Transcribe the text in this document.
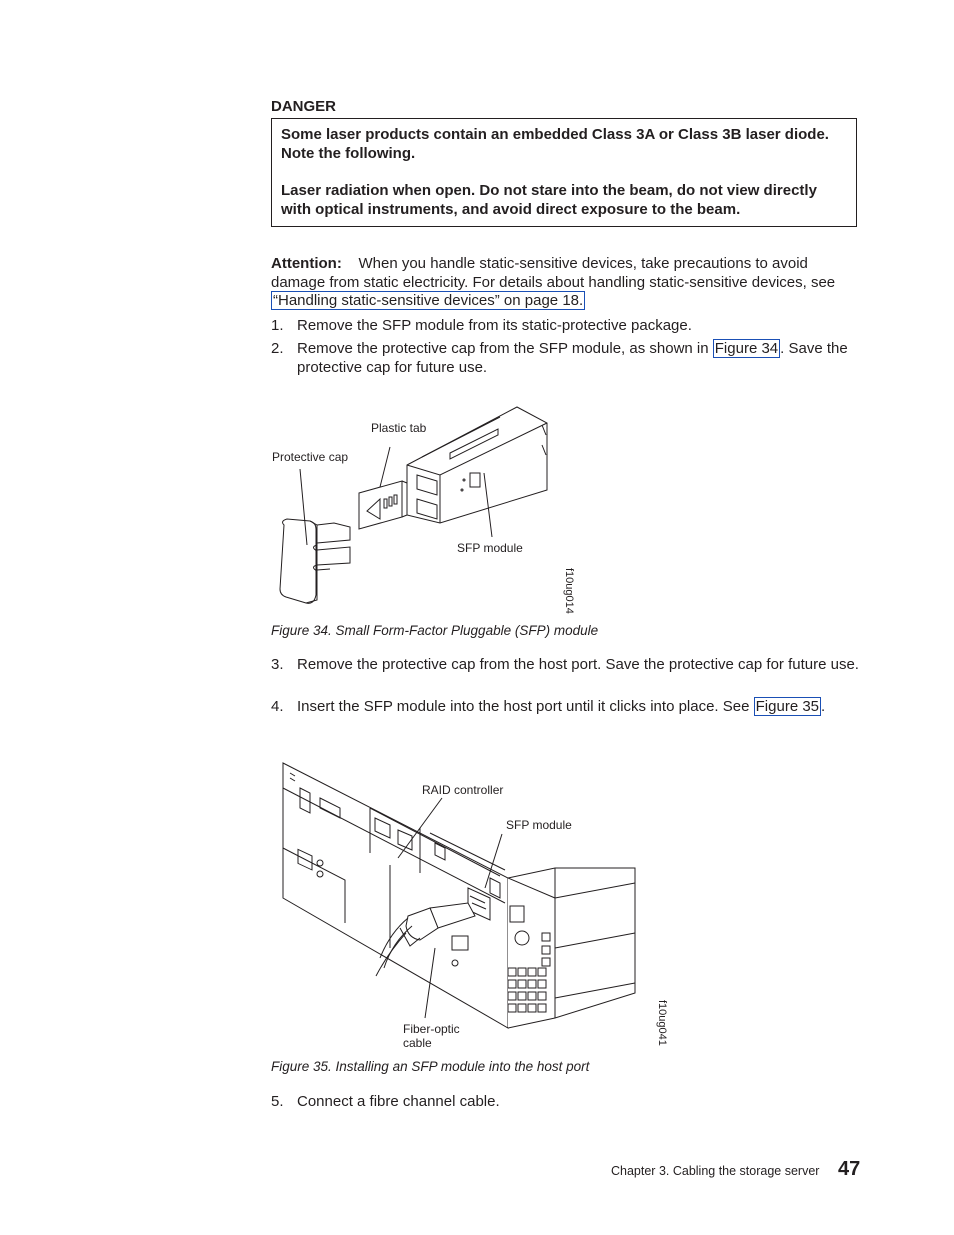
DANGER

Some laser products contain an embedded Class 3A or Class 3B laser diode. Note the following.

Laser radiation when open. Do not stare into the beam, do not view directly with optical instruments, and avoid direct exposure to the beam.

Attention: When you handle static-sensitive devices, take precautions to avoid damage from static electricity. For details about handling static-sensitive devices, see “Handling static-sensitive devices” on page 18.
1. Remove the SFP module from its static-protective package.
2. Remove the protective cap from the SFP module, as shown in Figure 34 . Save the protective cap for future use.
Plastic tab
Protective cap
SFP module
f10ug014
Figure 34. Small Form-Factor Pluggable (SFP) module
3. Remove the protective cap from the host port. Save the protective cap for future use.
4. Insert the SFP module into the host port until it clicks into place. See Figure 35 .
RAID controller
SFP module
Fiber-optic
cable	f10ug041
Figure 35. Installing an SFP module into the host port
5. Connect a fibre channel cable.
Chapter 3. Cabling the storage server 47
